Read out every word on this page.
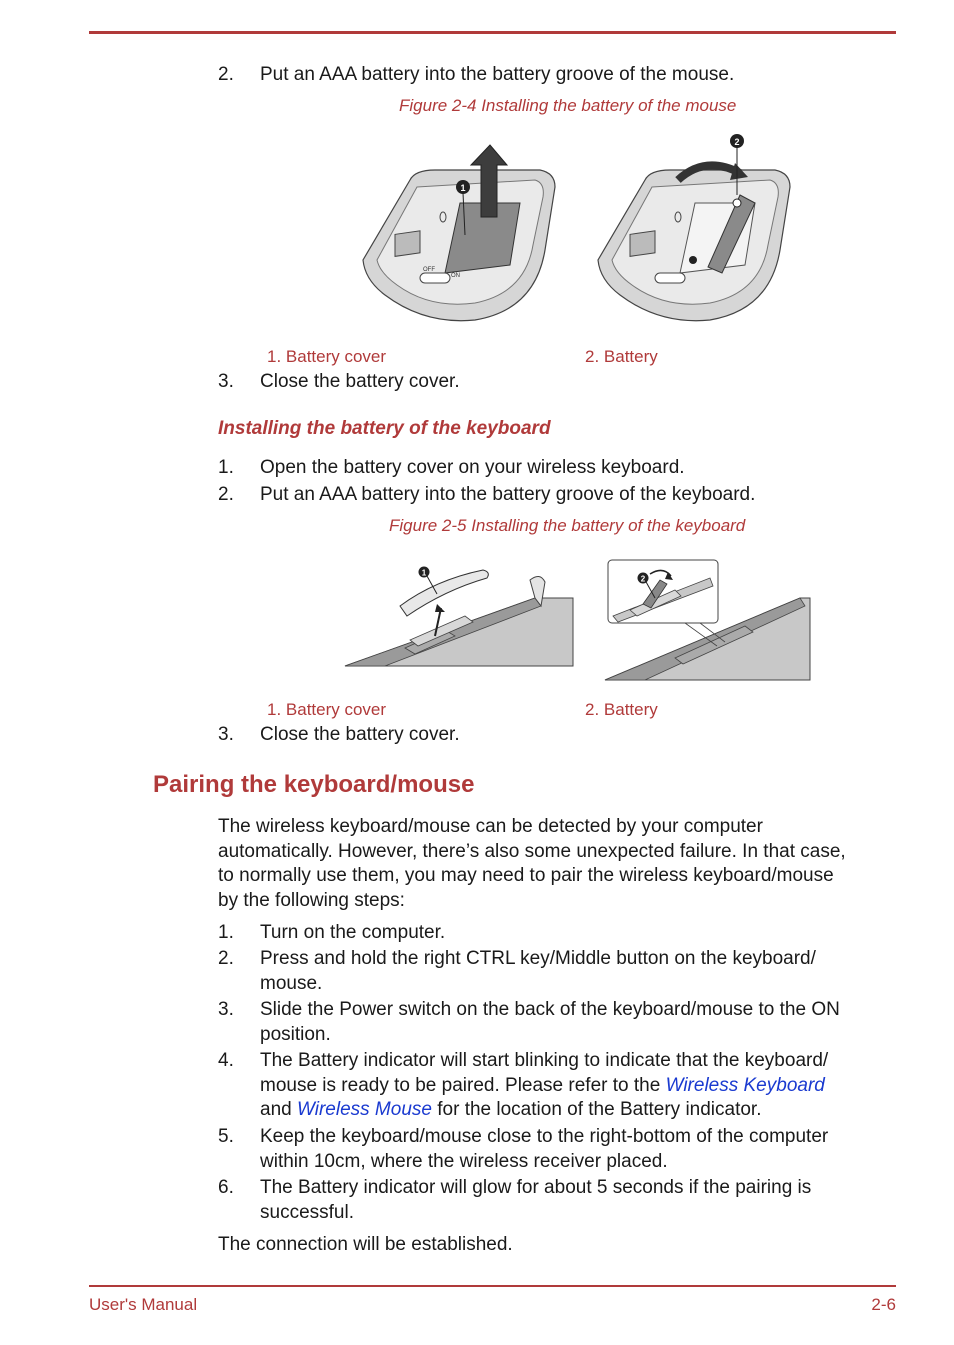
2. Put an AAA battery into the battery groove of the mouse.
Figure 2-4 Installing the battery of the mouse
OFF
ON
1
2
1. Battery cover	2. Battery
3. Close the battery cover.
Installing the battery of the keyboard
1. Open the battery cover on your wireless keyboard.
2. Put an AAA battery into the battery groove of the keyboard.
Figure 2-5 Installing the battery of the keyboard
1
2
1. Battery cover	2. Battery
3. Close the battery cover.
Pairing the keyboard/mouse
The wireless keyboard/mouse can be detected by your computer
automatically. However, there’s also some unexpected failure. In that case,
to normally use them, you may need to pair the wireless keyboard/mouse
by the following steps:
1. Turn on the computer.
2. Press and hold the right CTRL key/Middle button on the keyboard/
mouse.
3. Slide the Power switch on the back of the keyboard/mouse to the ON
position.
4. The Battery indicator will start blinking to indicate that the keyboard/
mouse is ready to be paired. Please refer to the Wireless Keyboard
and Wireless Mouse for the location of the Battery indicator.
5. Keep the keyboard/mouse close to the right-bottom of the computer
within 10cm, where the wireless receiver placed.
6. The Battery indicator will glow for about 5 seconds if the pairing is
successful.
The connection will be established.
User's Manual	2-6
